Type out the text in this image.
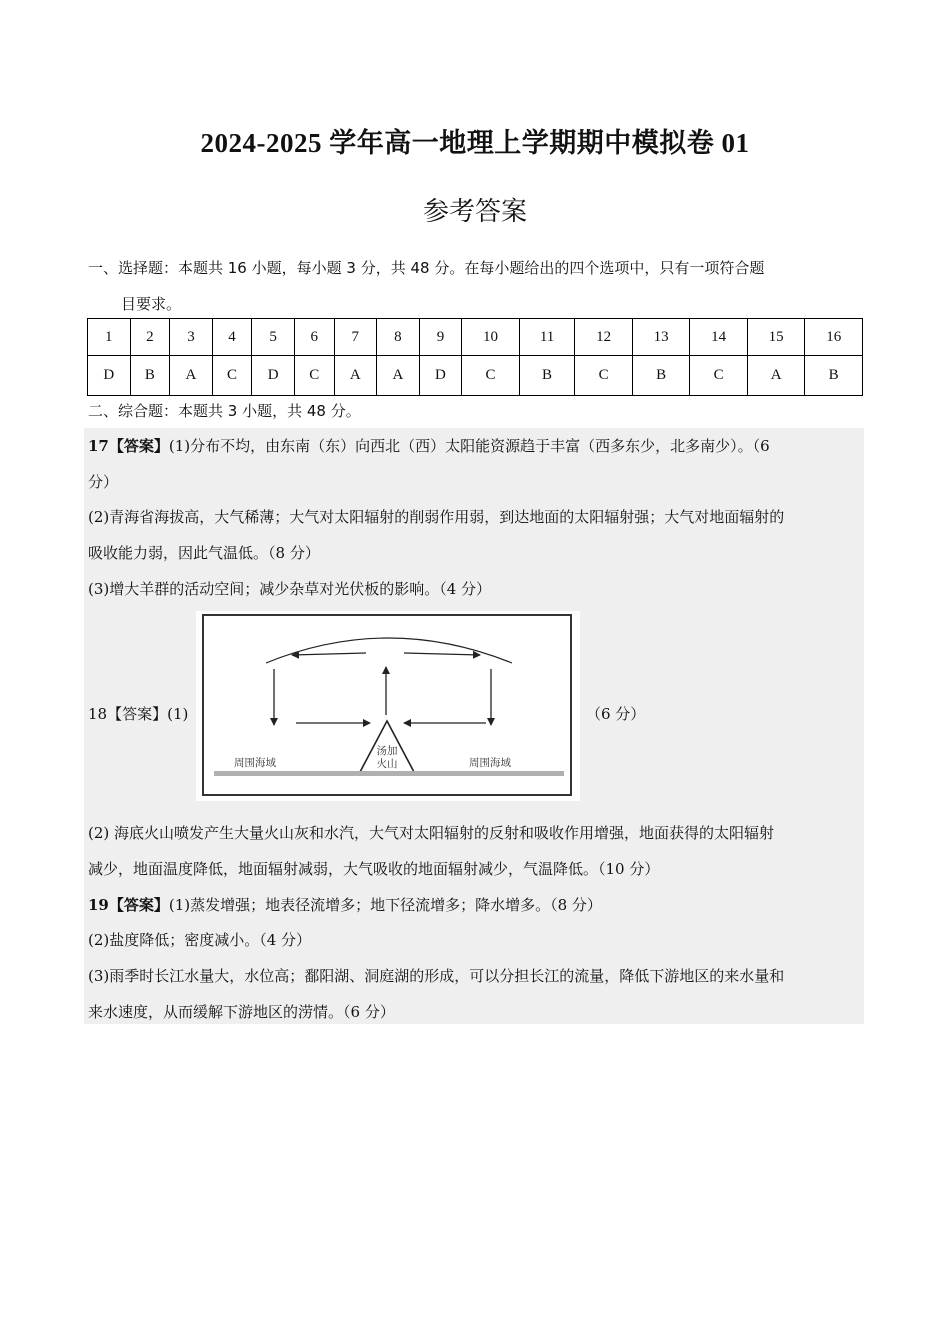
2024-2025 学年高一地理上学期期中模拟卷 01
参考答案
一、选择题：本题共 16 小题，每小题 3 分，共 48 分。在每小题给出的四个选项中，只有一项符合题
目要求。
1	2	3	4	5	6	7	8	9	10	11	12	13	14	15	16
D	B	A	C	D	C	A	A	D	C	B	C	B	C	A	B
二、综合题：本题共 3 小题，共 48 分。
17【答案】(1)分布不均，由东南（东）向西北（西）太阳能资源趋于丰富（西多东少，北多南少）。（6
分）
(2)青海省海拔高，大气稀薄；大气对太阳辐射的削弱作用弱，到达地面的太阳辐射强；大气对地面辐射的
吸收能力弱，因此气温低。（8 分）
(3)增大羊群的活动空间；减少杂草对光伏板的影响。（4 分）
18【答案】(1)	（6 分）
周围海域	周围海域
汤加
火山
(2) 海底火山喷发产生大量火山灰和水汽，大气对太阳辐射的反射和吸收作用增强，地面获得的太阳辐射
减少，地面温度降低，地面辐射减弱，大气吸收的地面辐射减少，气温降低。（10 分）
19【答案】(1)蒸发增强；地表径流增多；地下径流增多；降水增多。（8 分）
(2)盐度降低；密度减小。（4 分）
(3)雨季时长江水量大，水位高；鄱阳湖、洞庭湖的形成，可以分担长江的流量，降低下游地区的来水量和
来水速度，从而缓解下游地区的涝情。（6 分）
